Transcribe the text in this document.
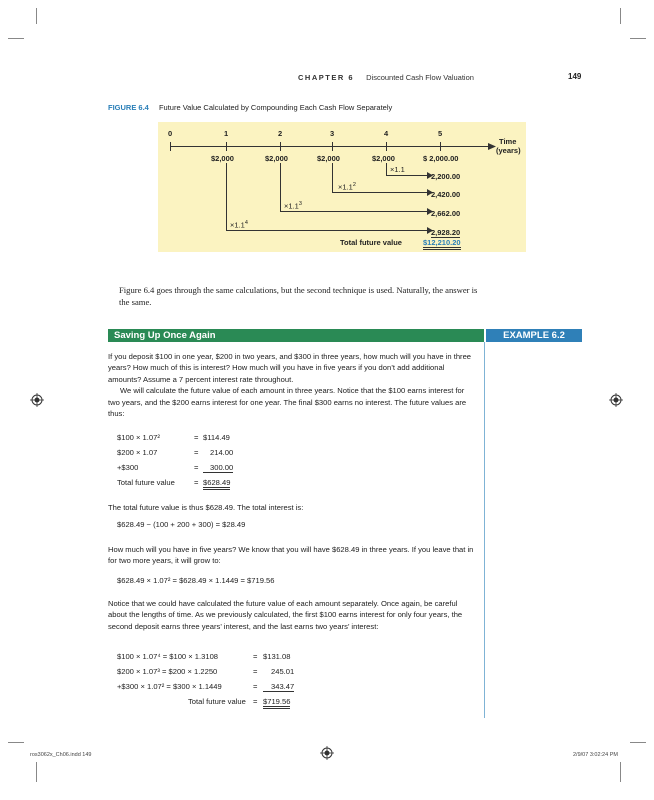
CHAPTER 6 Discounted Cash Flow Valuation	149
FIGURE 6.4 Future Value Calculated by Compounding Each Cash Flow Separately
Time
(years)
0	1	2	3	4	5
$2,000	$2,000	$2,000	$2,000	$ 2,000.00
×1.1
$\times 1.1^2$
$\times 1.1^3$
$\times 1.1^4$
2,200.00
2,420.00
2,662.00
2,928.20
Total future value	$12,210.20
Figure 6.4 goes through the same calculations, but the second technique is used. Naturally, the answer is the same.
Saving Up Once Again	EXAMPLE 6.2

If you deposit $100 in one year, $200 in two years, and $300 in three years, how much will you have in three years? How much of this is interest? How much will you have in five years if you don’t add additional amounts? Assume a 7 percent interest rate throughout.

We will calculate the future value of each amount in three years. Notice that the $100 earns interest for two years, and the $200 earns interest for one year. The final $300 earns no interest. The future values are thus:

$100 × 1.07²	= $114.49
$200 × 1.07	= 214.00
+$300	=	300.00
Total future value	= $628.49
The total future value is thus $628.49. The total interest is:
$628.49 − (100 + 200 + 300) = $28.49
How much will you have in five years? We know that you will have $628.49 in three years. If you leave that in for two more years, it will grow to:
$628.49 × 1.07² = $628.49 × 1.1449 = $719.56
Notice that we could have calculated the future value of each amount separately. Once again, be careful about the lengths of time. As we previously calculated, the first $100 earns interest for only four years, the second deposit earns three years’ interest, and the last earns two years’ interest:
$100 × 1.07⁴ = $100 × 1.3108	= $131.08
$200 × 1.07³ = $200 × 1.2250	= 245.01
+$300 × 1.07² = $300 × 1.1449	=	343.47
Total future value = $719.56
ros3062x_Ch06.indd 149	2/9/07 3:02:24 PM
